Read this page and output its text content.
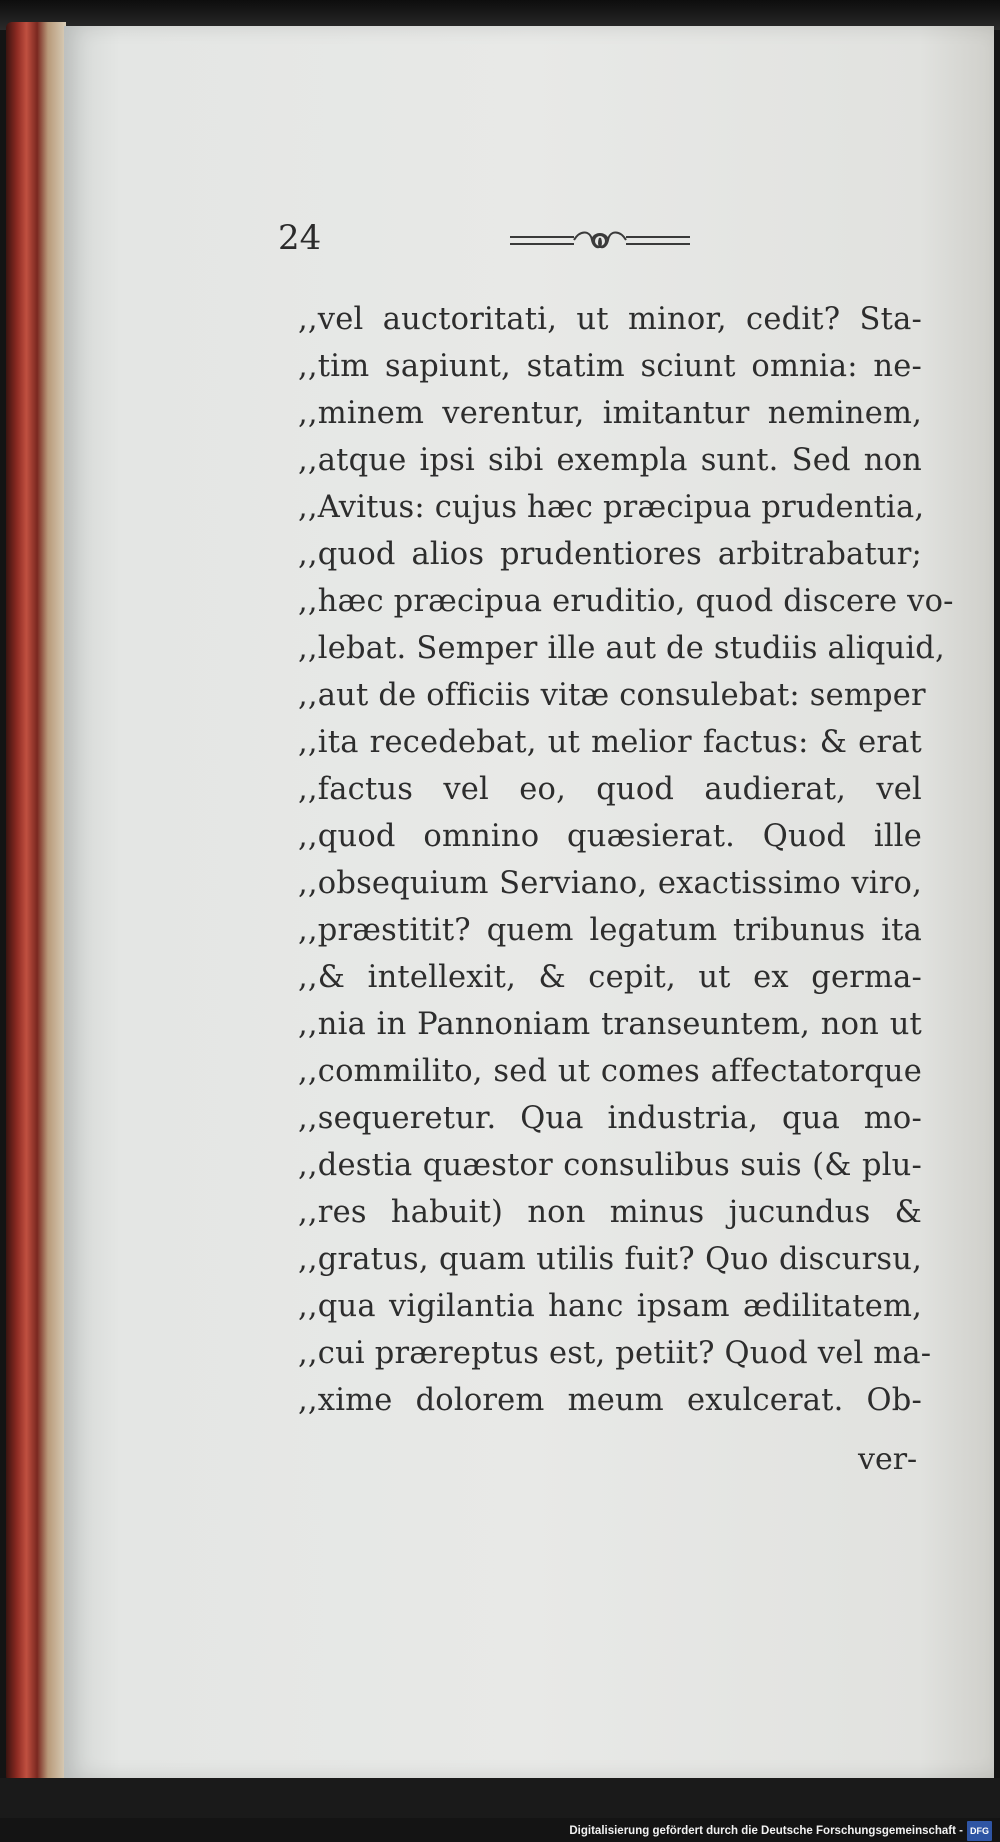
24
,,vel auctoritati, ut minor, cedit? Sta-
,,tim sapiunt, statim sciunt omnia: ne-
,,minem verentur, imitantur neminem,
,,atque ipsi sibi exempla sunt. Sed non
,,Avitus: cujus hæc præcipua prudentia,
,,quod alios prudentiores arbitrabatur;
,,hæc præcipua eruditio, quod discere vo-
,,lebat. Semper ille aut de studiis aliquid,
,,aut de officiis vitæ consulebat: semper
,,ita recedebat, ut melior factus: & erat
,,factus vel eo, quod audierat, vel
,,quod omnino quæsierat. Quod ille
,,obsequium Serviano, exactissimo viro,
,,præstitit? quem legatum tribunus ita
,,& intellexit, & cepit, ut ex germa-
,,nia in Pannoniam transeuntem, non ut
,,commilito, sed ut comes affectatorque
,,sequeretur. Qua industria, qua mo-
,,destia quæstor consulibus suis (& plu-
,,res habuit) non minus jucundus &
,,gratus, quam utilis fuit? Quo discursu,
,,qua vigilantia hanc ipsam ædilitatem,
,,cui præreptus est, petiit? Quod vel ma-
,,xime dolorem meum exulcerat. Ob-
ver-
Digitalisierung gefördert durch die Deutsche Forschungsgemeinschaft - DFG
